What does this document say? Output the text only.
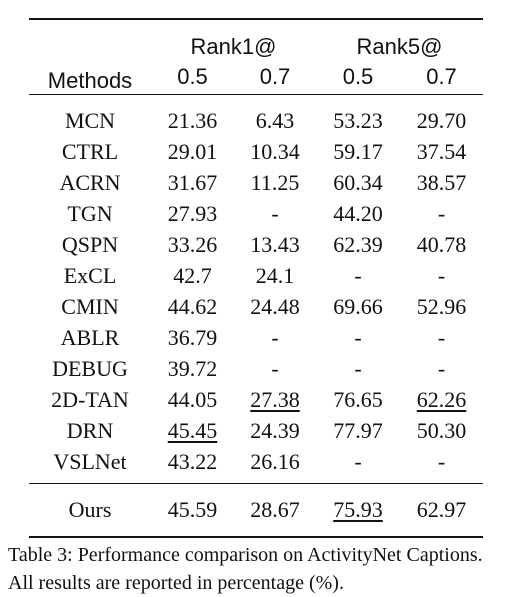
Methods	Rank1@		Rank5@	
	0.5	0.7	0.5	0.7
MCN	21.36	6.43	53.23	29.70
CTRL	29.01	10.34	59.17	37.54
ACRN	31.67	11.25	60.34	38.57
TGN	27.93	-	44.20	-
QSPN	33.26	13.43	62.39	40.78
ExCL	42.7	24.1	-	-
CMIN	44.62	24.48	69.66	52.96
ABLR	36.79	-	-	-
DEBUG	39.72	-	-	-
2D-TAN	44.05	27.38	76.65	62.26
DRN	45.45	24.39	77.97	50.30
VSLNet	43.22	26.16	-	-
Ours	45.59	28.67	75.93	62.97
Table 3: Performance comparison on ActivityNet Captions. All results are reported in percentage (%).
